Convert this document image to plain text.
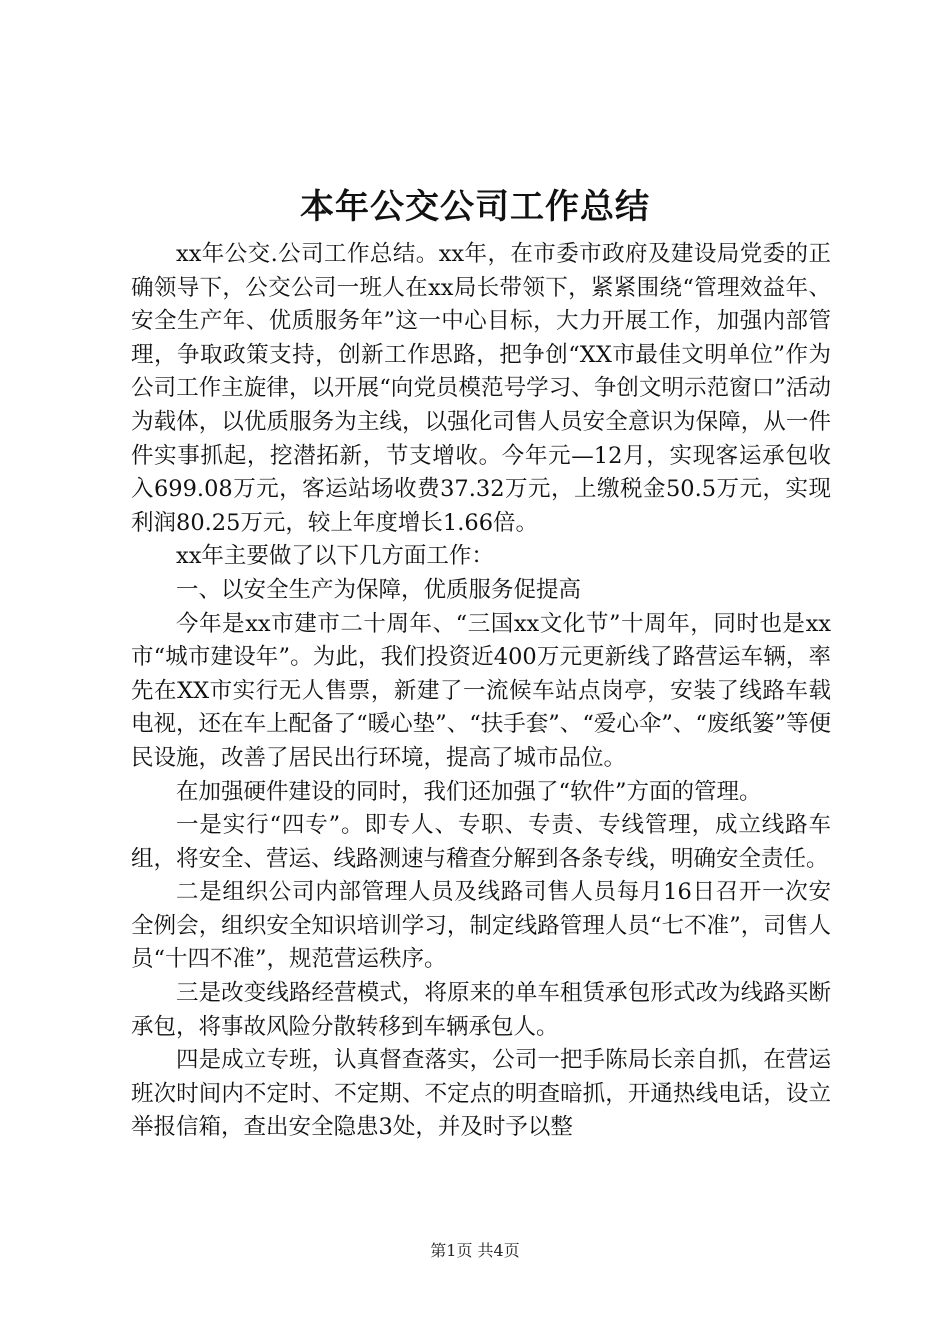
本年公交公司工作总结

xx年公交.公司工作总结。xx年，在市委市政府及建设局党委的正确领导下，公交公司一班人在xx局长带领下，紧紧围绕“管理效益年、安全生产年、优质服务年”这一中心目标，大力开展工作，加强内部管理，争取政策支持，创新工作思路，把争创“XX市最佳文明单位”作为公司工作主旋律，以开展“向党员模范号学习、争创文明示范窗口”活动为载体，以优质服务为主线，以强化司售人员安全意识为保障，从一件件实事抓起，挖潜拓新，节支增收。今年元—12月，实现客运承包收入699.08万元，客运站场收费37.32万元，上缴税金50.5万元，实现利润80.25万元，较上年度增长1.66倍。

xx年主要做了以下几方面工作：

一、以安全生产为保障，优质服务促提高

今年是xx市建市二十周年、“三国xx文化节”十周年，同时也是xx市“城市建设年”。为此，我们投资近400万元更新线了路营运车辆，率先在XX市实行无人售票，新建了一流候车站点岗亭，安装了线路车载电视，还在车上配备了“暖心垫”、“扶手套”、“爱心伞”、“废纸篓”等便民设施，改善了居民出行环境，提高了城市品位。

在加强硬件建设的同时，我们还加强了“软件”方面的管理。

一是实行“四专”。即专人、专职、专责、专线管理，成立线路车组，将安全、营运、线路测速与稽查分解到各条专线，明确安全责任。

二是组织公司内部管理人员及线路司售人员每月16日召开一次安全例会，组织安全知识培训学习，制定线路管理人员“七不准”，司售人员“十四不准”，规范营运秩序。

三是改变线路经营模式，将原来的单车租赁承包形式改为线路买断承包，将事故风险分散转移到车辆承包人。

四是成立专班，认真督查落实，公司一把手陈局长亲自抓，在营运班次时间内不定时、不定期、不定点的明查暗抓，开通热线电话，设立举报信箱，查出安全隐患3处，并及时予以整

第1页 共4页
